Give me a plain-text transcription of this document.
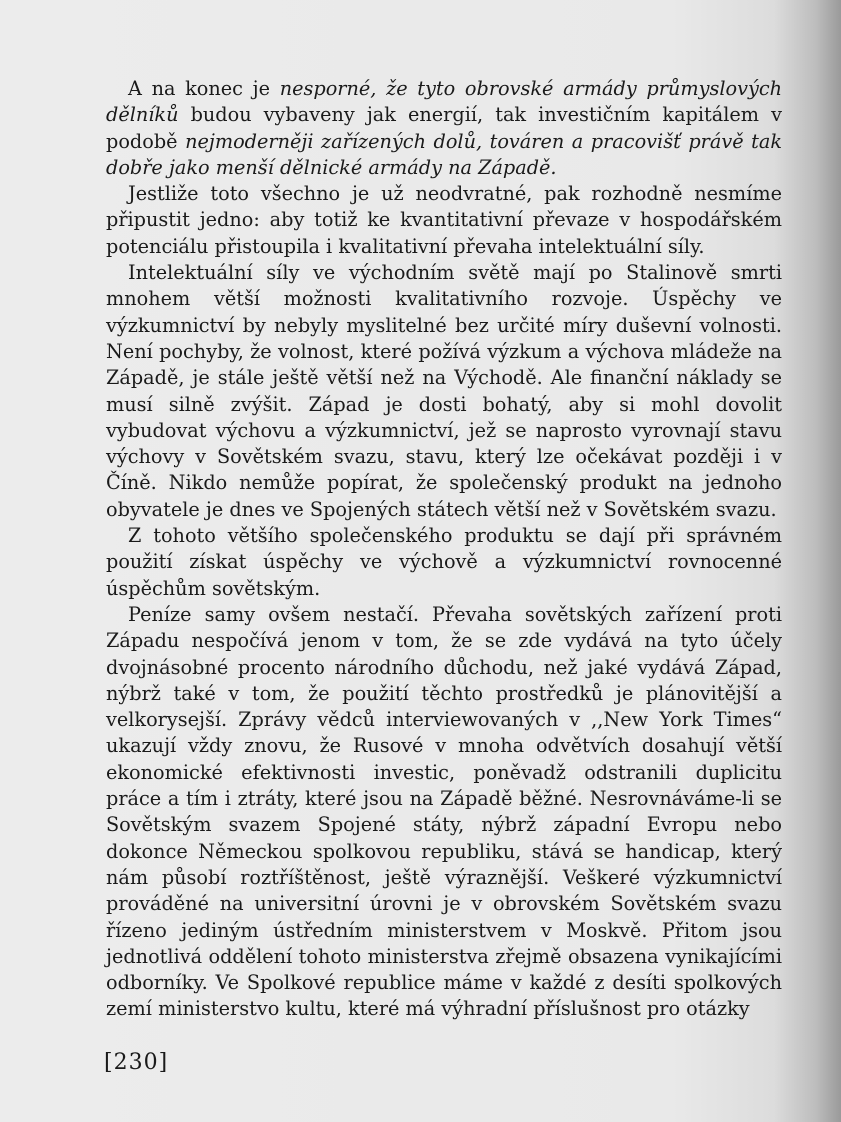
A na konec je nesporné, že tyto obrovské armády průmyslových dělníků budou vybaveny jak energií, tak investičním kapitálem v podobě nejmoderněji zařízených dolů, továren a pracovišť právě tak dobře jako menší dělnické armády na Západě.

Jestliže toto všechno je už neodvratné, pak rozhodně nesmíme připustit jedno: aby totiž ke kvantitativní převaze v hospodářském potenciálu přistoupila i kvalitativní převaha intelektuální síly.

Intelektuální síly ve východním světě mají po Stalinově smrti mnohem větší možnosti kvalitativního rozvoje. Úspěchy ve výzkumnictví by nebyly myslitelné bez určité míry duševní volnosti. Není pochyby, že volnost, které požívá výzkum a výchova mládeže na Západě, je stále ještě větší než na Východě. Ale finanční náklady se musí silně zvýšit. Západ je dosti bohatý, aby si mohl dovolit vybudovat výchovu a výzkumnictví, jež se naprosto vyrovnají stavu výchovy v Sovětském svazu, stavu, který lze očekávat později i v Číně. Nikdo nemůže popírat, že společenský produkt na jednoho obyvatele je dnes ve Spojených státech větší než v Sovětském svazu.

Z tohoto většího společenského produktu se dají při správném použití získat úspěchy ve výchově a výzkumnictví rovnocenné úspěchům sovětským.

Peníze samy ovšem nestačí. Převaha sovětských zařízení proti Západu nespočívá jenom v tom, že se zde vydává na tyto účely dvojnásobné procento národního důchodu, než jaké vydává Západ, nýbrž také v tom, že použití těchto prostředků je plánovitější a velkorysejší. Zprávy vědců interviewovaných v ,,New York Times“ ukazují vždy znovu, že Rusové v mnoha odvětvích dosahují větší ekonomické efektivnosti investic, poněvadž odstranili duplicitu práce a tím i ztráty, které jsou na Západě běžné. Nesrovnáváme-li se Sovětským svazem Spojené státy, nýbrž západní Evropu nebo dokonce Německou spolkovou republiku, stává se handicap, který nám působí roztříštěnost, ještě výraznější. Veškeré výzkumnictví prováděné na universitní úrovni je v obrovském Sovětském svazu řízeno jediným ústředním ministerstvem v Moskvě. Přitom jsou jednotlivá oddělení tohoto ministerstva zřejmě obsazena vynikajícími odborníky. Ve Spolkové republice máme v každé z desíti spolkových zemí ministerstvo kultu, které má výhradní příslušnost pro otázky

[230]
